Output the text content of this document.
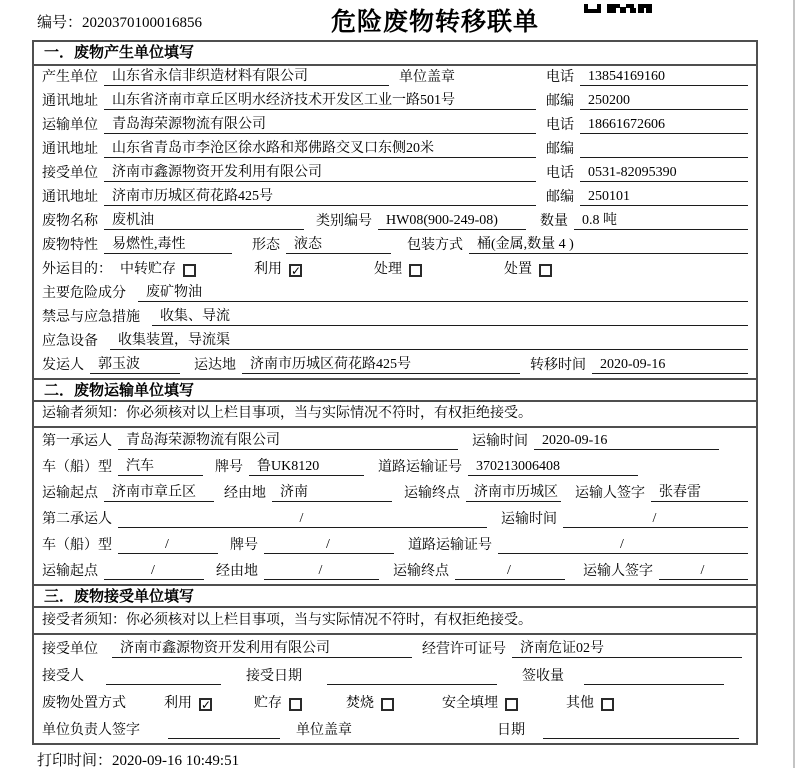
编号：2020370100016856	危险废物转移联单
一．废物产生单位填写
产生单位	山东省永信非织造材料有限公司	单位盖章	电话	13854169160
通讯地址	山东省济南市章丘区明水经济技术开发区工业一路501号	邮编	250200
运输单位	青岛海荣源物流有限公司	电话	18661672606
通讯地址	山东省青岛市李沧区徐水路和郑佛路交叉口东侧20米	邮编
接受单位	济南市鑫源物资开发利用有限公司	电话	0531-82095390
通讯地址	济南市历城区荷花路425号	邮编	250101
废物名称	废机油	类别编号	HW08(900-249-08)	数量	0.8 吨
废物特性	易燃性,毒性	形态	液态	包装方式	桶(金属,数量 4 )
外运目的： 中转贮存	利用 ✓	处理	处置
主要危险成分	废矿物油
禁忌与应急措施	收集、导流
应急设备	收集装置，导流渠
发运人	郭玉波	运达地	济南市历城区荷花路425号	转移时间	2020-09-16
二．废物运输单位填写
运输者须知：你必须核对以上栏目事项，当与实际情况不符时，有权拒绝接受。
第一承运人	青岛海荣源物流有限公司	运输时间	2020-09-16
车（船）型	汽车	牌号	鲁UK8120	道路运输证号	370213006408
运输起点	济南市章丘区	经由地	济南	运输终点	济南市历城区 运输人签字	张春雷
第二承运人	/	运输时间	/
车（船）型	/	牌号	/	道路运输证号	/
运输起点	/	经由地	/	运输终点	/	运输人签字	/
三．废物接受单位填写
接受者须知：你必须核对以上栏目事项，当与实际情况不符时，有权拒绝接受。
接受单位	济南市鑫源物资开发利用有限公司	经营许可证号	济南危证02号
接受人	接受日期	签收量
废物处置方式	利用 ✓	贮存	焚烧	安全填埋	其他
单位负责人签字	单位盖章	日期
打印时间：2020-09-16 10:49:51
